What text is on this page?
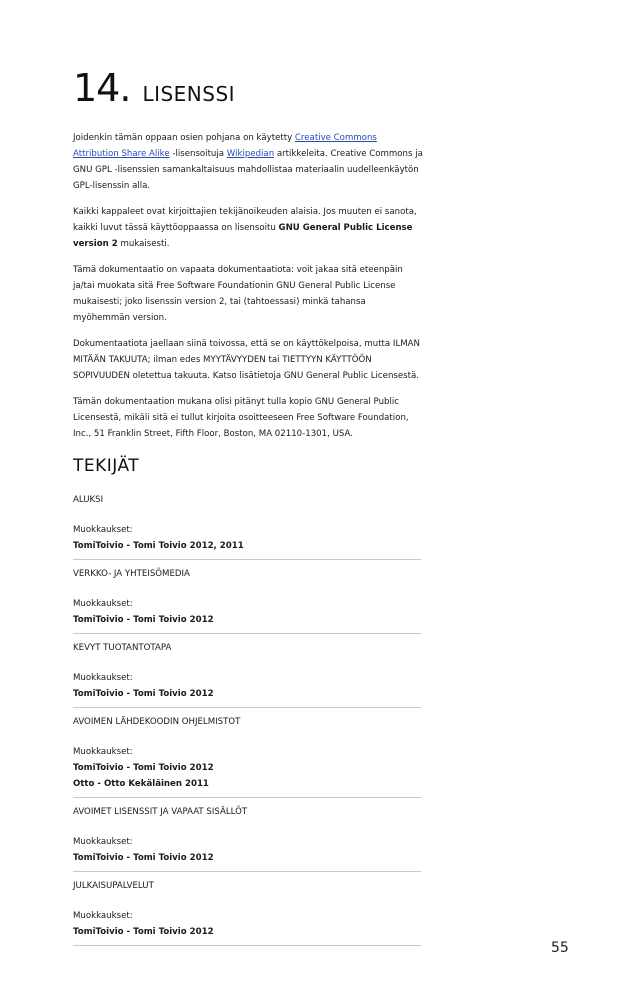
14. LISENSSI

Joidenkin tämän oppaan osien pohjana on käytetty Creative Commons Attribution Share Alike -lisensoituja Wikipedian artikkeleita. Creative Commons ja GNU GPL -lisenssien samankaltaisuus mahdollistaa materiaalin uudelleenkäytön GPL-lisenssin alla.

Kaikki kappaleet ovat kirjoittajien tekijänoikeuden alaisia. Jos muuten ei sanota, kaikki luvut tässä käyttöoppaassa on lisensoitu GNU General Public License version 2 mukaisesti.

Tämä dokumentaatio on vapaata dokumentaatiota: voit jakaa sitä eteenpäin ja/tai muokata sitä Free Software Foundationin GNU General Public License mukaisesti; joko lisenssin version 2, tai (tahtoessasi) minkä tahansa myöhemmän version.

Dokumentaatiota jaellaan siinä toivossa, että se on käyttökelpoisa, mutta ILMAN MITÄÄN TAKUUTA; ilman edes MYYTÄVYYDEN tai TIETTYYN KÄYTTÖÖN SOPIVUUDEN oletettua takuuta. Katso lisätietoja GNU General Public Licensestä.

Tämän dokumentaation mukana olisi pitänyt tulla kopio GNU General Public Licensestä, mikäli sitä ei tullut kirjoita osoitteeseen Free Software Foundation, Inc., 51 Franklin Street, Fifth Floor, Boston, MA 02110-1301, USA.

TEKIJÄT
ALUKSI
Muokkaukset:
TomiToivio - Tomi Toivio 2012, 2011
VERKKO- JA YHTEISÖMEDIA
Muokkaukset:
TomiToivio - Tomi Toivio 2012
KEVYT TUOTANTOTAPA
Muokkaukset:
TomiToivio - Tomi Toivio 2012
AVOIMEN LÄHDEKOODIN OHJELMISTOT
Muokkaukset:
TomiToivio - Tomi Toivio 2012
Otto - Otto Kekäläinen 2011
AVOIMET LISENSSIT JA VAPAAT SISÄLLÖT
Muokkaukset:
TomiToivio - Tomi Toivio 2012
JULKAISUPALVELUT
Muokkaukset:
TomiToivio - Tomi Toivio 2012
55
